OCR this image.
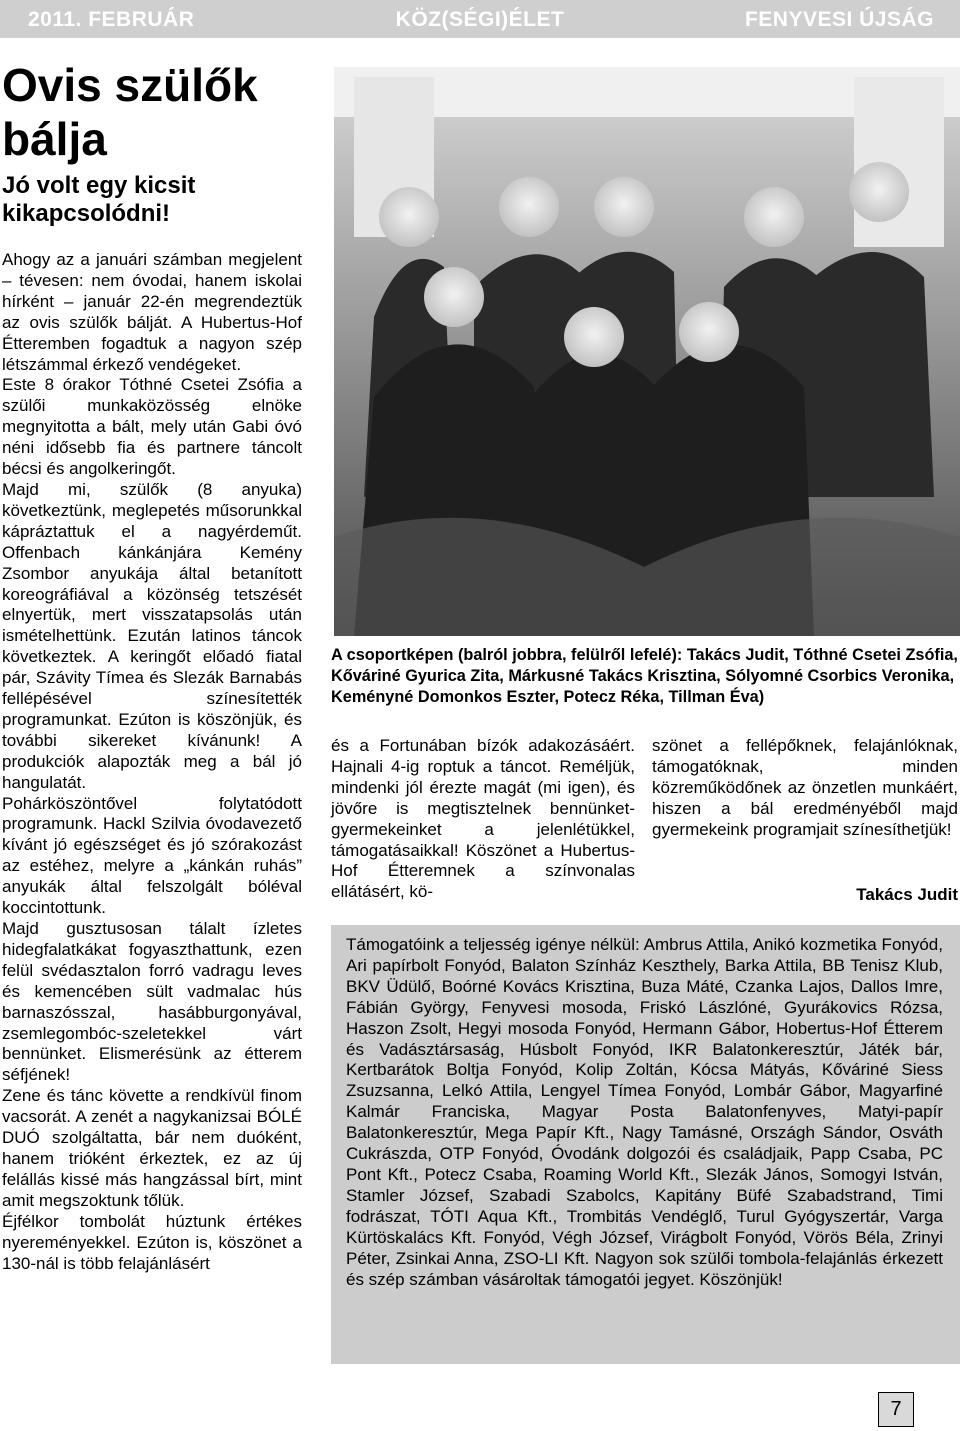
2011. FEBRUÁR	KÖZ(SÉGI)ÉLET	FENYVESI ÚJSÁG
Ovis szülők bálja
Jó volt egy kicsit kikapcsolódni!

Ahogy az a januári számban megjelent – tévesen: nem óvodai, hanem iskolai hírként – január 22-én megrendeztük az ovis szülők bálját. A Hubertus-Hof Étteremben fogadtuk a nagyon szép létszámmal érkező vendégeket.

Este 8 órakor Tóthné Csetei Zsófia a szülői munkaközösség elnöke megnyitotta a bált, mely után Gabi óvó néni idősebb fia és partnere táncolt bécsi és angolkeringőt.

Majd mi, szülők (8 anyuka) következtünk, meglepetés műsorunkkal kápráztattuk el a nagyérdeműt. Offenbach kánkánjára Kemény Zsombor anyukája által betanított koreográfiával a közönség tetszését elnyertük, mert visszatapsolás után ismételhettünk. Ezután latinos táncok következtek. A keringőt előadó fiatal pár, Szávity Tímea és Slezák Barnabás fellépésével színesítették programunkat. Ezúton is köszönjük, és további sikereket kívánunk! A produkciók alapozták meg a bál jó hangulatát.

Pohárköszöntővel folytatódott programunk. Hackl Szilvia óvodavezető kívánt jó egészséget és jó szórakozást az estéhez, melyre a „kánkán ruhás” anyukák által felszolgált bóléval koccintottunk.

Majd gusztusosan tálalt ízletes hidegfalatkákat fogyaszthattunk, ezen felül svédasztalon forró vadragu leves és kemencében sült vadmalac hús barnaszósszal, hasábburgonyával, zsemlegombóc-szeletekkel várt bennünket. Elismerésünk az étterem séfjének!

Zene és tánc követte a rendkívül finom vacsorát. A zenét a nagykanizsai BÓLÉ DUÓ szolgáltatta, bár nem duóként, hanem trióként érkeztek, ez az új felállás kissé más hangzással bírt, mint amit megszoktunk tőlük.

Éjfélkor tombolát húztunk értékes nyereményekkel. Ezúton is, köszönet a 130-nál is több felajánlásért

A csoportképen (balról jobbra, felülről lefelé): Takács Judit, Tóthné Csetei Zsófia, Kőváriné Gyurica Zita, Márkusné Takács Krisztina, Sólyomné Csorbics Veronika, Keményné Domonkos Eszter, Potecz Réka, Tillman Éva)

és a Fortunában bízók adakozásáért. Hajnali 4-ig roptuk a táncot. Reméljük, mindenki jól érezte magát (mi igen), és jövőre is megtisztelnek bennünket-gyermekeinket a jelenlétükkel, támogatásaikkal! Köszönet a Hubertus-Hof Étteremnek a színvonalas ellátásért, kö-

szönet a fellépőknek, felajánlóknak, támogatóknak, minden közreműködőnek az önzetlen munkáért, hiszen a bál eredményéből majd gyermekeink programjait színesíthetjük!

Takács Judit

Támogatóink a teljesség igénye nélkül: Ambrus Attila, Anikó kozmetika Fonyód, Ari papírbolt Fonyód, Balaton Színház Keszthely, Barka Attila, BB Tenisz Klub, BKV Üdülő, Boórné Kovács Krisztina, Buza Máté, Czanka Lajos, Dallos Imre, Fábián György, Fenyvesi mosoda, Friskó Lászlóné, Gyurákovics Rózsa, Haszon Zsolt, Hegyi mosoda Fonyód, Hermann Gábor, Hobertus-Hof Étterem és Vadásztársaság, Húsbolt Fonyód, IKR Balatonkeresztúr, Játék bár, Kertbarátok Boltja Fonyód, Kolip Zoltán, Kócsa Mátyás, Kőváriné Siess Zsuzsanna, Lelkó Attila, Lengyel Tímea Fonyód, Lombár Gábor, Magyarfiné Kalmár Franciska, Magyar Posta Balatonfenyves, Matyi-papír Balatonkeresztúr, Mega Papír Kft., Nagy Tamásné, Országh Sándor, Osváth Cukrászda, OTP Fonyód, Óvodánk dolgozói és családjaik, Papp Csaba, PC Pont Kft., Potecz Csaba, Roaming World Kft., Slezák János, Somogyi István, Stamler József, Szabadi Szabolcs, Kapitány Büfé Szabadstrand, Timi fodrászat, TÓTI Aqua Kft., Trombitás Vendéglő, Turul Gyógyszertár, Varga Kürtöskalács Kft. Fonyód, Végh József, Virágbolt Fonyód, Vörös Béla, Zrinyi Péter, Zsinkai Anna, ZSO-LI Kft. Nagyon sok szülői tombola-felajánlás érkezett és szép számban vásároltak támogatói jegyet. Köszönjük!

7
